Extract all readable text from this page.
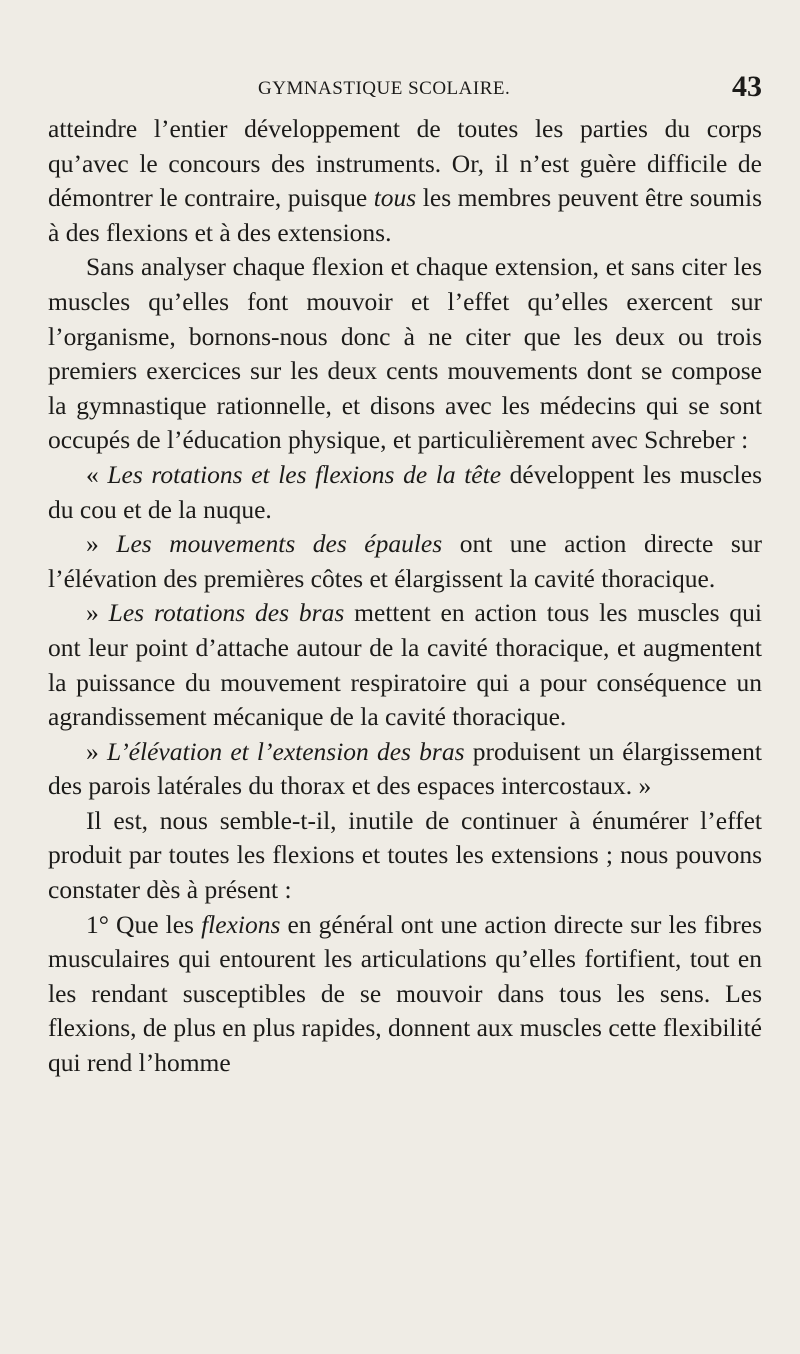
GYMNASTIQUE SCOLAIRE.	43

atteindre l’entier développement de toutes les parties du corps qu’avec le concours des instruments. Or, il n’est guère difficile de démontrer le contraire, puisque tous les membres peuvent être soumis à des flexions et à des extensions.

Sans analyser chaque flexion et chaque extension, et sans citer les muscles qu’elles font mouvoir et l’effet qu’elles exercent sur l’organisme, bornons-nous donc à ne citer que les deux ou trois premiers exercices sur les deux cents mouvements dont se compose la gymnastique rationnelle, et disons avec les médecins qui se sont occupés de l’éducation physique, et particulièrement avec Schreber :

« Les rotations et les flexions de la tête développent les muscles du cou et de la nuque.

» Les mouvements des épaules ont une action directe sur l’élévation des premières côtes et élargissent la cavité thoracique.

» Les rotations des bras mettent en action tous les muscles qui ont leur point d’attache autour de la cavité thoracique, et augmentent la puissance du mouvement respiratoire qui a pour conséquence un agrandissement mécanique de la cavité thoracique.

» L’élévation et l’extension des bras produisent un élargissement des parois latérales du thorax et des espaces intercostaux. »

Il est, nous semble-t-il, inutile de continuer à énumérer l’effet produit par toutes les flexions et toutes les extensions ; nous pouvons constater dès à présent :

1° Que les flexions en général ont une action directe sur les fibres musculaires qui entourent les articulations qu’elles fortifient, tout en les rendant susceptibles de se mouvoir dans tous les sens. Les flexions, de plus en plus rapides, donnent aux muscles cette flexibilité qui rend l’homme
